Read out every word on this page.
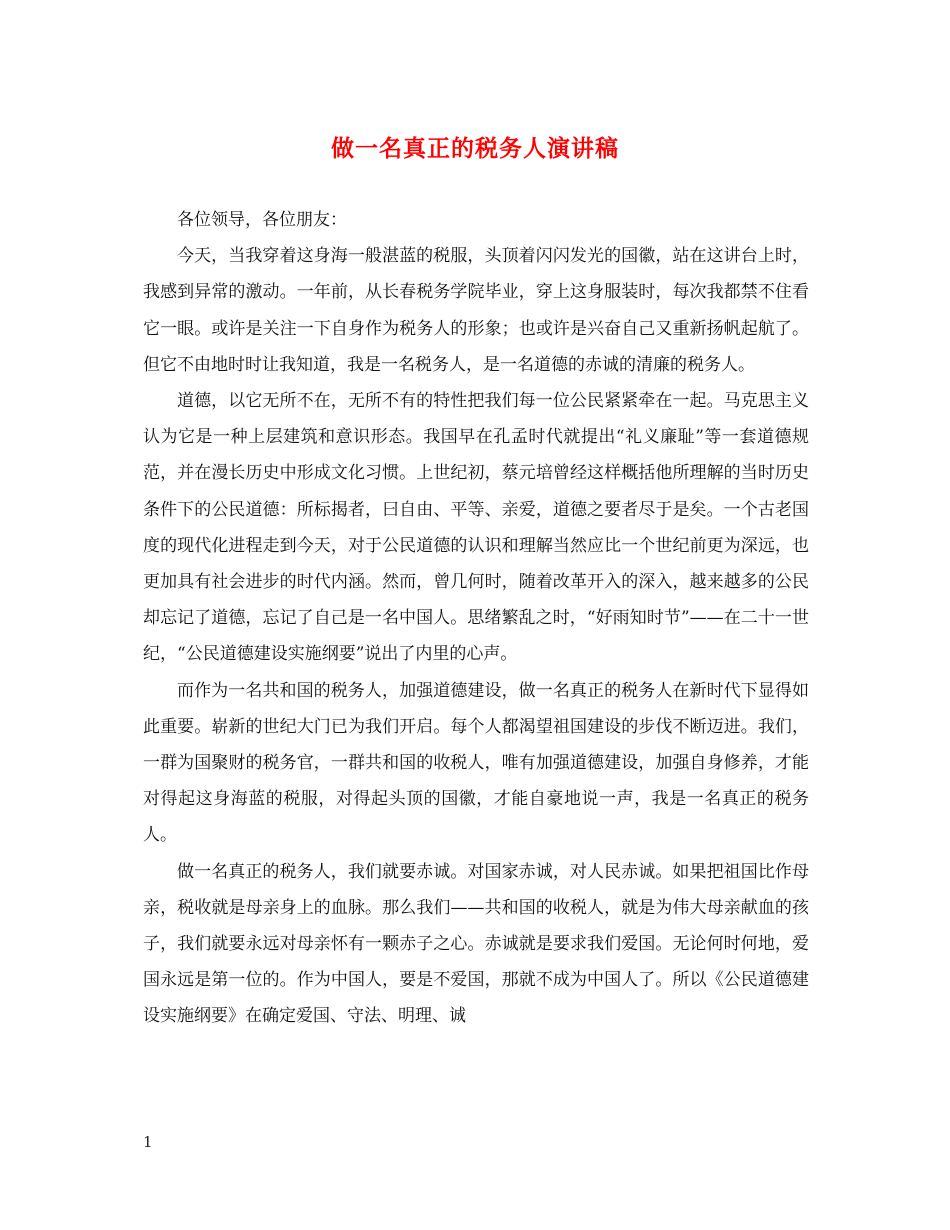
做一名真正的税务人演讲稿

各位领导，各位朋友：

今天，当我穿着这身海一般湛蓝的税服，头顶着闪闪发光的国徽，站在这讲台上时，我感到异常的激动。一年前，从长春税务学院毕业，穿上这身服装时，每次我都禁不住看它一眼。或许是关注一下自身作为税务人的形象；也或许是兴奋自己又重新扬帆起航了。但它不由地时时让我知道，我是一名税务人，是一名道德的赤诚的清廉的税务人。

道德，以它无所不在，无所不有的特性把我们每一位公民紧紧牵在一起。马克思主义认为它是一种上层建筑和意识形态。我国早在孔孟时代就提出“礼义廉耻”等一套道德规范，并在漫长历史中形成文化习惯。上世纪初，蔡元培曾经这样概括他所理解的当时历史条件下的公民道德：所标揭者，曰自由、平等、亲爱，道德之要者尽于是矣。一个古老国度的现代化进程走到今天，对于公民道德的认识和理解当然应比一个世纪前更为深远，也更加具有社会进步的时代内涵。然而，曾几何时，随着改革开入的深入，越来越多的公民却忘记了道德，忘记了自己是一名中国人。思绪繁乱之时，“好雨知时节”——在二十一世纪，“公民道德建设实施纲要”说出了内里的心声。

而作为一名共和国的税务人，加强道德建设，做一名真正的税务人在新时代下显得如此重要。崭新的世纪大门已为我们开启。每个人都渴望祖国建设的步伐不断迈进。我们，一群为国聚财的税务官，一群共和国的收税人，唯有加强道德建设，加强自身修养，才能对得起这身海蓝的税服，对得起头顶的国徽，才能自豪地说一声，我是一名真正的税务人。

做一名真正的税务人，我们就要赤诚。对国家赤诚，对人民赤诚。如果把祖国比作母亲，税收就是母亲身上的血脉。那么我们——共和国的收税人，就是为伟大母亲献血的孩子，我们就要永远对母亲怀有一颗赤子之心。赤诚就是要求我们爱国。无论何时何地，爱国永远是第一位的。作为中国人，要是不爱国，那就不成为中国人了。所以《公民道德建设实施纲要》在确定爱国、守法、明理、诚

1
